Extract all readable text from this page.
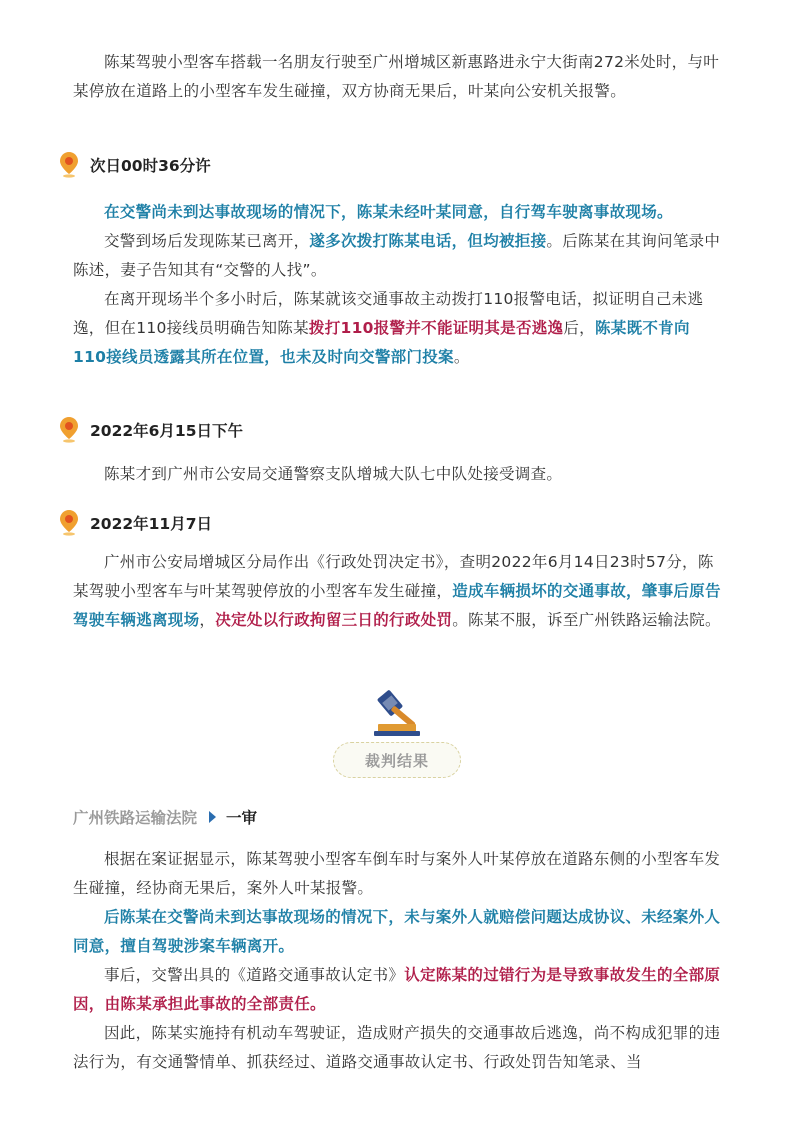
陈某驾驶小型客车搭载一名朋友行驶至广州增城区新惠路进永宁大街南272米处时，与叶某停放在道路上的小型客车发生碰撞，双方协商无果后，叶某向公安机关报警。

次日00时36分许

在交警尚未到达事故现场的情况下，陈某未经叶某同意，自行驾车驶离事故现场。

交警到场后发现陈某已离开，遂多次拨打陈某电话，但均被拒接。后陈某在其询问笔录中陈述，妻子告知其有“交警的人找”。

在离开现场半个多小时后，陈某就该交通事故主动拨打110报警电话，拟证明自己未逃逸，但在110接线员明确告知陈某拨打110报警并不能证明其是否逃逸后，陈某既不肯向110接线员透露其所在位置，也未及时向交警部门投案。

2022年6月15日下午

陈某才到广州市公安局交通警察支队增城大队七中队处接受调查。

2022年11月7日

广州市公安局增城区分局作出《行政处罚决定书》，查明2022年6月14日23时57分，陈某驾驶小型客车与叶某驾驶停放的小型客车发生碰撞，造成车辆损坏的交通事故，肇事后原告驾驶车辆逃离现场，决定处以行政拘留三日的行政处罚。陈某不服，诉至广州铁路运输法院。

裁判结果
广州铁路运输法院 一审

根据在案证据显示，陈某驾驶小型客车倒车时与案外人叶某停放在道路东侧的小型客车发生碰撞，经协商无果后，案外人叶某报警。

后陈某在交警尚未到达事故现场的情况下，未与案外人就赔偿问题达成协议、未经案外人同意，擅自驾驶涉案车辆离开。

事后，交警出具的《道路交通事故认定书》认定陈某的过错行为是导致事故发生的全部原因，由陈某承担此事故的全部责任。

因此，陈某实施持有机动车驾驶证，造成财产损失的交通事故后逃逸，尚不构成犯罪的违法行为，有交通警情单、抓获经过、道路交通事故认定书、行政处罚告知笔录、当
